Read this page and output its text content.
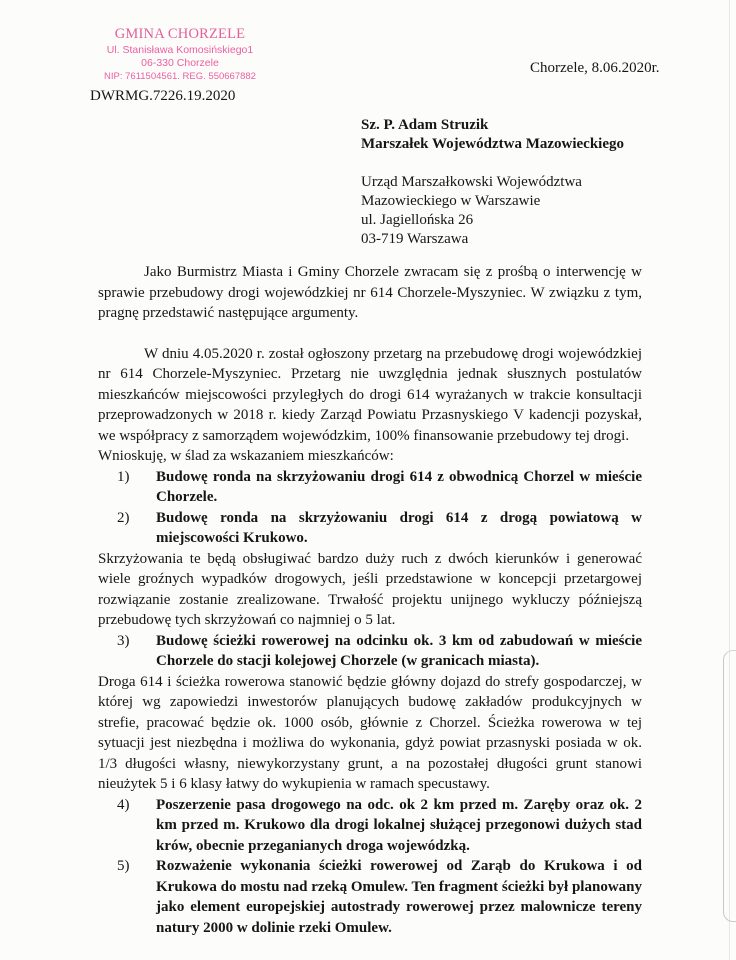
GMINA CHORZELE
Ul. Stanisława Komosińskiego1
06-330 Chorzele
NIP: 7611504561. REG. 550667882
DWRMG.7226.19.2020
Chorzele, 8.06.2020r.
Sz. P. Adam Struzik
Marszałek Województwa Mazowieckiego
Urząd Marszałkowski Województwa
Mazowieckiego w Warszawie
ul. Jagiellońska 26
03-719 Warszawa

Jako Burmistrz Miasta i Gminy Chorzele zwracam się z prośbą o interwencję w sprawie przebudowy drogi wojewódzkiej nr 614 Chorzele-Myszyniec. W związku z tym, pragnę przedstawić następujące argumenty.

W dniu 4.05.2020 r. został ogłoszony przetarg na przebudowę drogi wojewódzkiej nr 614 Chorzele-Myszyniec. Przetarg nie uwzględnia jednak słusznych postulatów mieszkańców miejscowości przyległych do drogi 614 wyrażanych w trakcie konsultacji przeprowadzonych w 2018 r. kiedy Zarząd Powiatu Przasnyskiego V kadencji pozyskał, we współpracy z samorządem wojewódzkim, 100% finansowanie przebudowy tej drogi.

Wnioskuję, w ślad za wskazaniem mieszkańców:

1) Budowę ronda na skrzyżowaniu drogi 614 z obwodnicą Chorzel w mieście Chorzele.
2) Budowę ronda na skrzyżowaniu drogi 614 z drogą powiatową w miejscowości Krukowo.

Skrzyżowania te będą obsługiwać bardzo duży ruch z dwóch kierunków i generować wiele groźnych wypadków drogowych, jeśli przedstawione w koncepcji przetargowej rozwiązanie zostanie zrealizowane. Trwałość projektu unijnego wykluczy późniejszą przebudowę tych skrzyżowań co najmniej o 5 lat.

3) Budowę ścieżki rowerowej na odcinku ok. 3 km od zabudowań w mieście Chorzele do stacji kolejowej Chorzele (w granicach miasta).

Droga 614 i ścieżka rowerowa stanowić będzie główny dojazd do strefy gospodarczej, w której wg zapowiedzi inwestorów planujących budowę zakładów produkcyjnych w strefie, pracować będzie ok. 1000 osób, głównie z Chorzel. Ścieżka rowerowa w tej sytuacji jest niezbędna i możliwa do wykonania, gdyż powiat przasnyski posiada w ok. 1/3 długości własny, niewykorzystany grunt, a na pozostałej długości grunt stanowi nieużytek 5 i 6 klasy łatwy do wykupienia w ramach specustawy.

4) Poszerzenie pasa drogowego na odc. ok 2 km przed m. Zaręby oraz ok. 2 km przed m. Krukowo dla drogi lokalnej służącej przegonowi dużych stad krów, obecnie przeganianych droga wojewódzką.
5) Rozważenie wykonania ścieżki rowerowej od Zarąb do Krukowa i od Krukowa do mostu nad rzeką Omulew. Ten fragment ścieżki był planowany jako element europejskiej autostrady rowerowej przez malownicze tereny natury 2000 w dolinie rzeki Omulew.
